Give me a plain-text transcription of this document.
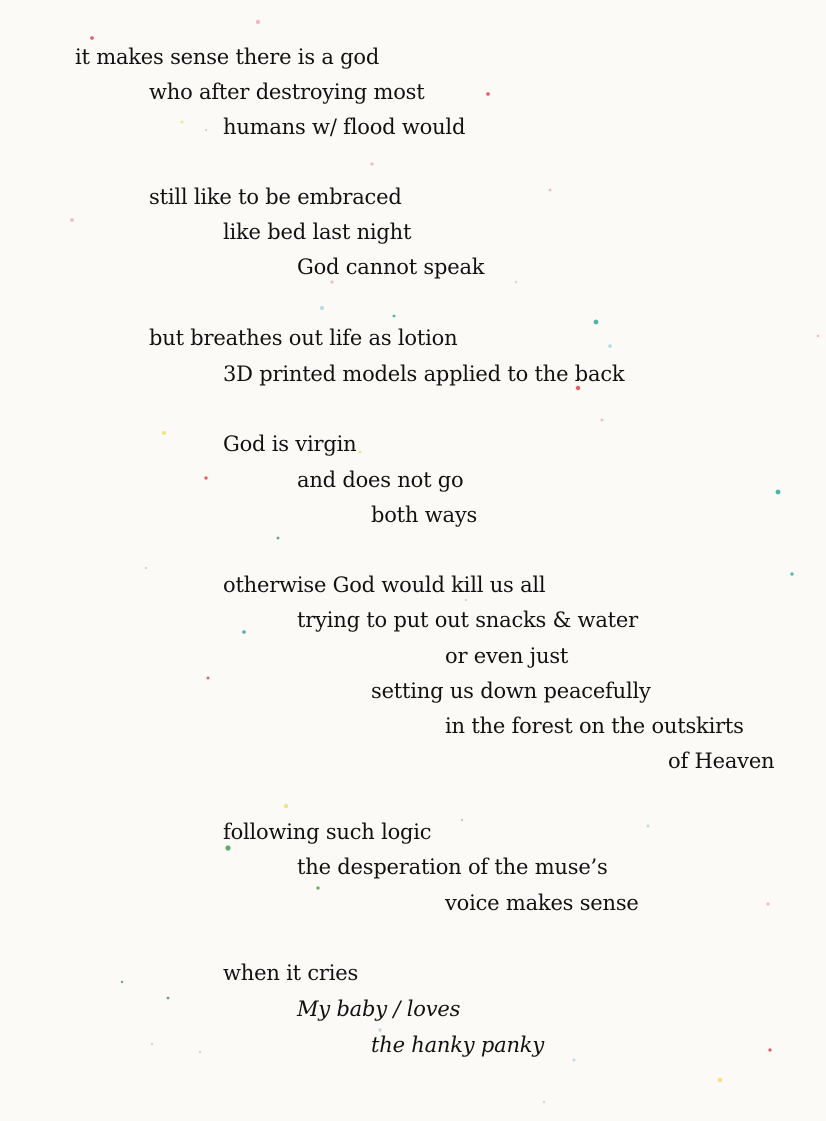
it makes sense there is a god

who after destroying most

humans w/ flood would

still like to be embraced

like bed last night

God cannot speak

but breathes out life as lotion

3D printed models applied to the back

God is virgin

and does not go

both ways

otherwise God would kill us all

trying to put out snacks & water

or even just

setting us down peacefully

in the forest on the outskirts

of Heaven

following such logic

the desperation of the muse’s

voice makes sense

when it cries

My baby / loves

the hanky panky
